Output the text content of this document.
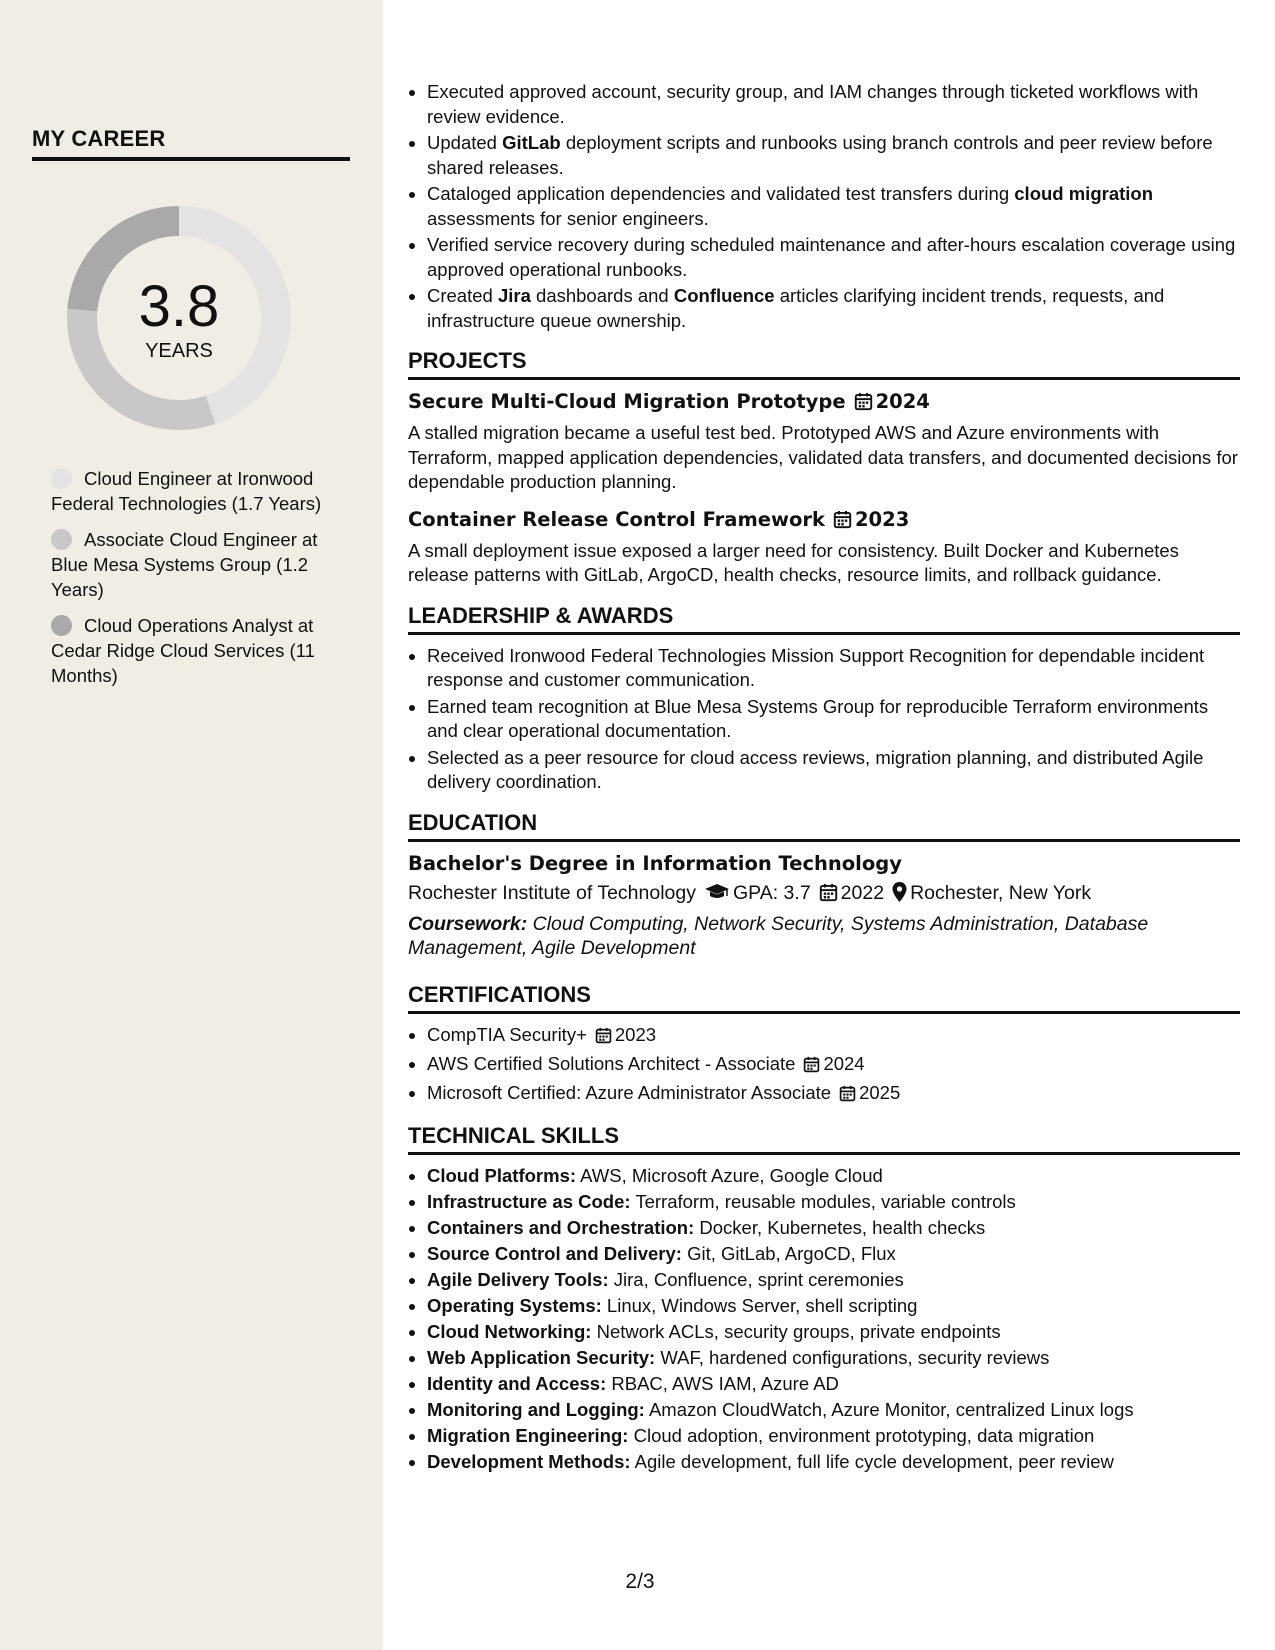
MY CAREER
3.8
YEARS
Cloud Engineer at Ironwood Federal Technologies (1.7 Years)
Associate Cloud Engineer at Blue Mesa Systems Group (1.2 Years)
Cloud Operations Analyst at Cedar Ridge Cloud Services (11 Months)
• Executed approved account, security group, and IAM changes through ticketed workflows with review evidence.
• Updated GitLab deployment scripts and runbooks using branch controls and peer review before shared releases.
• Cataloged application dependencies and validated test transfers during cloud migration assessments for senior engineers.
• Verified service recovery during scheduled maintenance and after-hours escalation coverage using approved operational runbooks.
• Created Jira dashboards and Confluence articles clarifying incident trends, requests, and infrastructure queue ownership.
PROJECTS
Secure Multi-Cloud Migration Prototype 2024
A stalled migration became a useful test bed. Prototyped AWS and Azure environments with Terraform, mapped application dependencies, validated data transfers, and documented decisions for dependable production planning.
Container Release Control Framework 2023
A small deployment issue exposed a larger need for consistency. Built Docker and Kubernetes release patterns with GitLab, ArgoCD, health checks, resource limits, and rollback guidance.
LEADERSHIP & AWARDS
• Received Ironwood Federal Technologies Mission Support Recognition for dependable incident response and customer communication.
• Earned team recognition at Blue Mesa Systems Group for reproducible Terraform environments and clear operational documentation.
• Selected as a peer resource for cloud access reviews, migration planning, and distributed Agile delivery coordination.
EDUCATION
Bachelor's Degree in Information Technology
Rochester Institute of Technology GPA: 3.7 2022 Rochester, New York
Coursework: Cloud Computing, Network Security, Systems Administration, Database Management, Agile Development
CERTIFICATIONS
• CompTIA Security+ 2023
• AWS Certified Solutions Architect - Associate 2024
• Microsoft Certified: Azure Administrator Associate 2025
TECHNICAL SKILLS
• Cloud Platforms: AWS, Microsoft Azure, Google Cloud
• Infrastructure as Code: Terraform, reusable modules, variable controls
• Containers and Orchestration: Docker, Kubernetes, health checks
• Source Control and Delivery: Git, GitLab, ArgoCD, Flux
• Agile Delivery Tools: Jira, Confluence, sprint ceremonies
• Operating Systems: Linux, Windows Server, shell scripting
• Cloud Networking: Network ACLs, security groups, private endpoints
• Web Application Security: WAF, hardened configurations, security reviews
• Identity and Access: RBAC, AWS IAM, Azure AD
• Monitoring and Logging: Amazon CloudWatch, Azure Monitor, centralized Linux logs
• Migration Engineering: Cloud adoption, environment prototyping, data migration
• Development Methods: Agile development, full life cycle development, peer review
2/3
